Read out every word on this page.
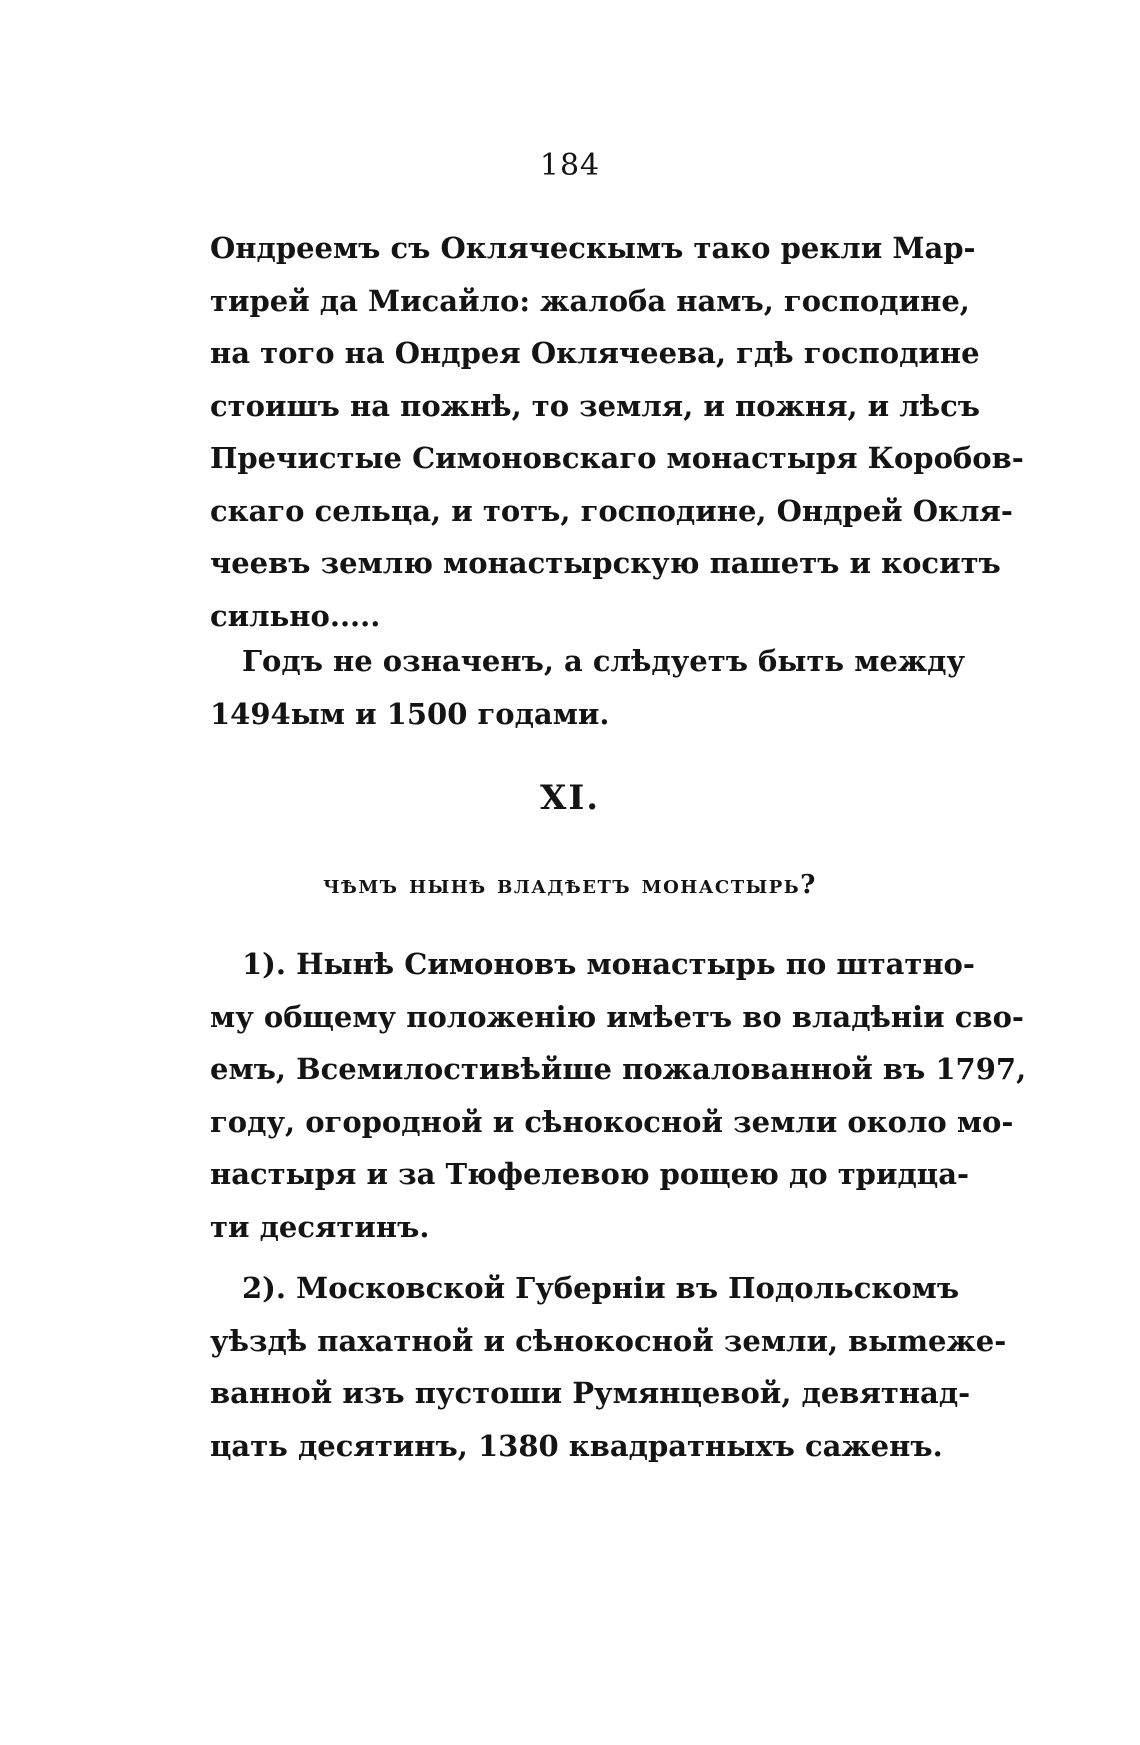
184
Ондреемъ съ Окляческымъ тако рекли Мар-
тирей да Мисайло: жалоба намъ, господине,
на того на Ондрея Оклячеева, гдѣ господине
стоишъ на пожнѣ, то земля, и пожня, и лѣсъ
Пречистые Симоновскаго монастыря Коробов-
скаго сельца, и тотъ, господине, Ондрей Окля-
чеевъ землю монастырскую пашетъ и коситъ
сильно.....
Годъ не означенъ, а слѣдуетъ быть между
1494ым и 1500 годами.
XI.
чѣмъ нынѣ владѣетъ монастырь?
1). Нынѣ Симоновъ монастырь по штатно-
му общему положенію имѣетъ во владѣніи сво-
емъ, Всемилостивѣйше пожалованной въ 1797,
году, огородной и сѣнокосной земли около мо-
настыря и за Тюфелевою рощею до тридца-
ти десятинъ.
2). Московской Губерніи въ Подольскомъ
уѣздѣ пахатной и сѣнокосной земли, выmeже-
ванной изъ пустоши Румянцевой, девятнад-
цать десятинъ, 1380 квадратныхъ саженъ.
